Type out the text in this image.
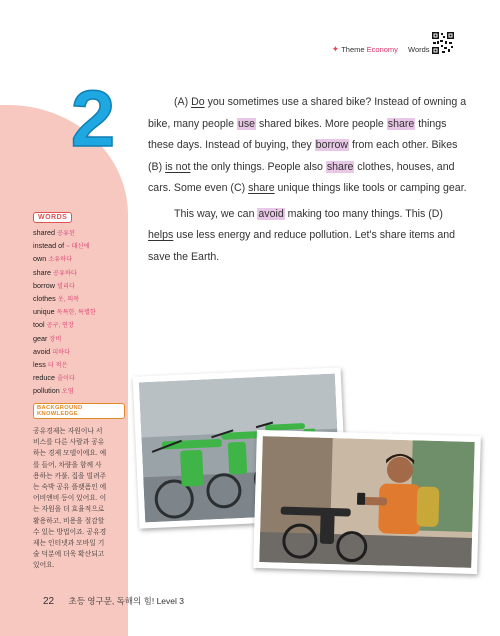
✦ Theme Economy Words
2	(A) Do you sometimes use a shared bike? Instead of owning a bike, many people use shared bikes. More people share things these days. Instead of buying, they borrow from each other. Bikes (B) is not the only things. People also share clothes, houses, and cars. Some even (C) share unique things like tools or camping gear.

This way, we can avoid making too many things. This (D) helps use less energy and reduce pollution. Let's share items and save the Earth.

WORDS
shared 공유된
instead of ~ 대신에
own 소유하다
share 공유하다
borrow 빌리다
clothes 옷, 의복
unique 독특한, 특별한
tool 공구, 연장
gear 장비
avoid 피하다
less 더 적은
reduce 줄이다
pollution 오염
BACKGROUND KNOWLEDGE
공유경제는 자원이나 서
비스를 다른 사람과 공유
하는 경제 모델이에요. 예
를 들어, 차량을 함께 사
용하는 카풀, 집을 빌려주
는 숙박 공유 플랫폼인 에
어비앤비 등이 있어요. 이
는 자원을 더 효율적으로
활용하고, 비용을 절감할
수 있는 방법이죠. 공유경
제는 인터넷과 모바일 기
술 덕분에 더욱 확산되고
있어요.
22 초등 영구문, 독해의 힘! Level 3
